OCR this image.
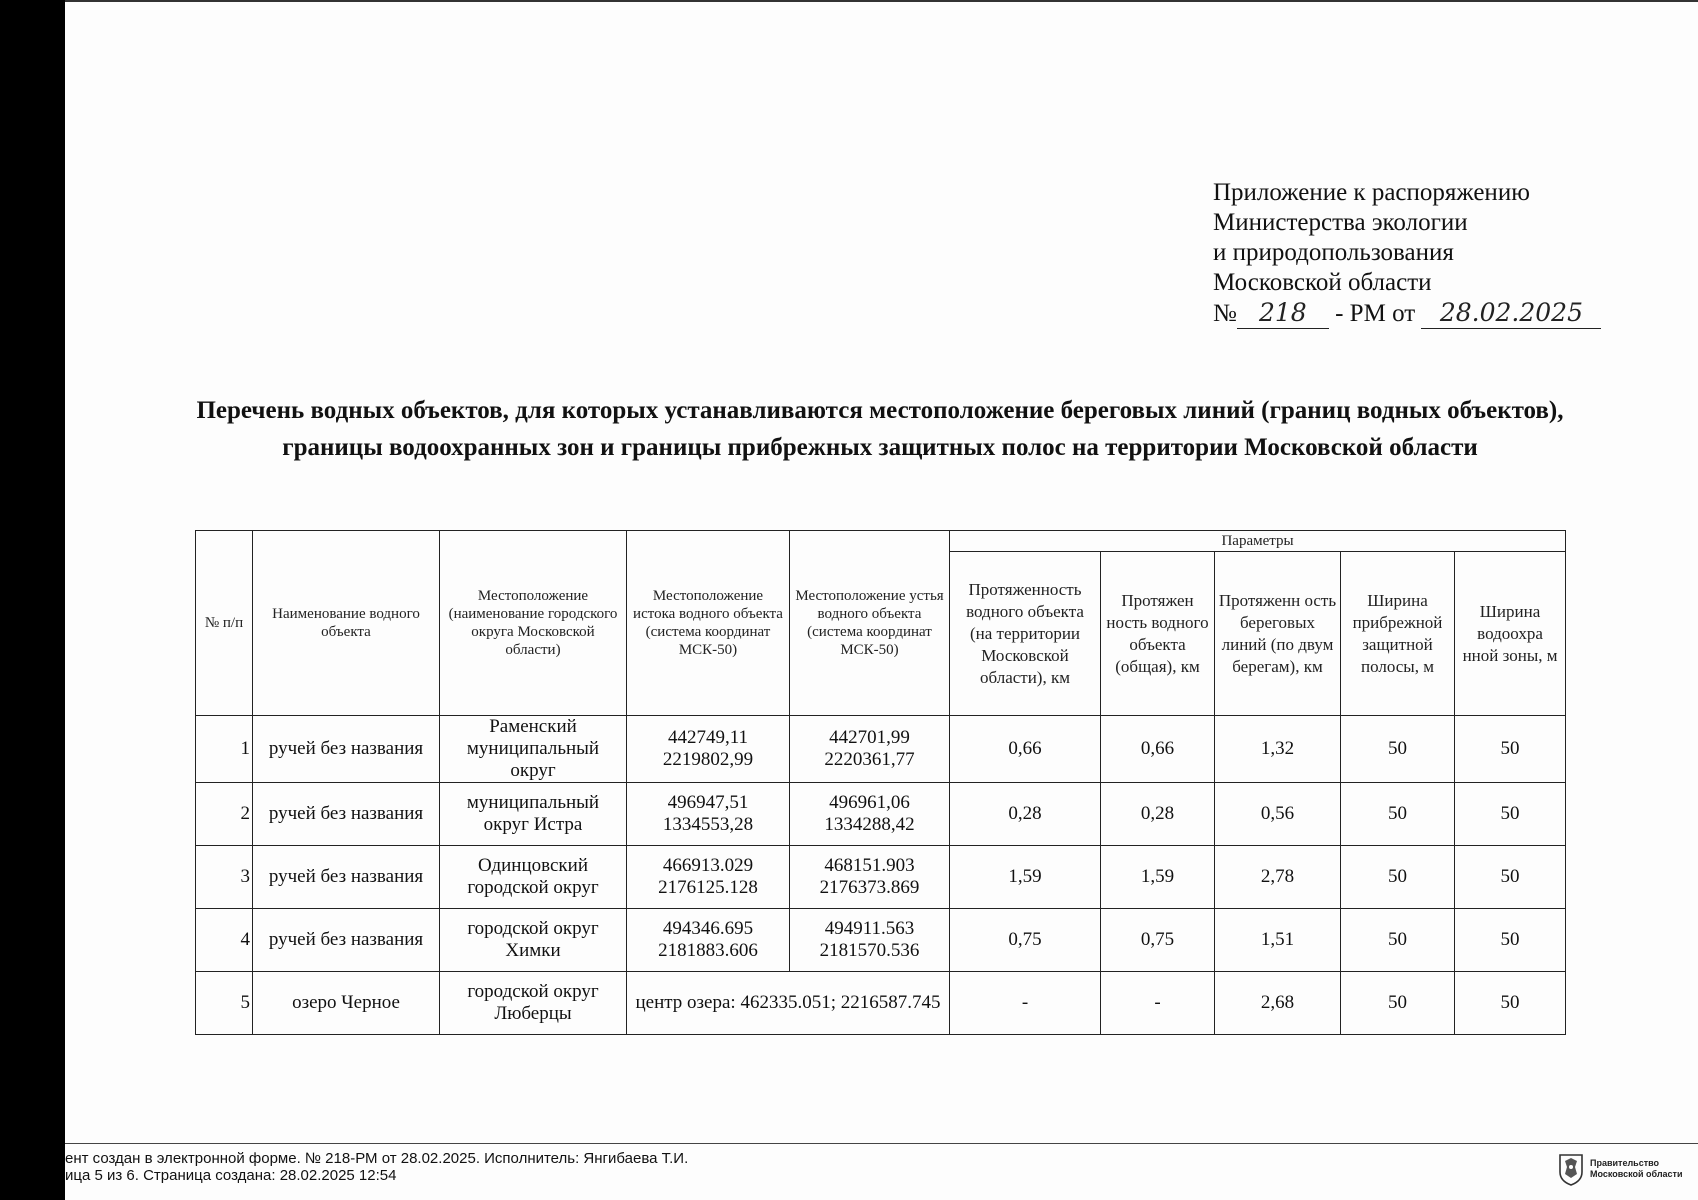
Приложение к распоряжению
Министерства экологии
и природопользования
Московской области
№ 218 - РМ от 28.02.2025
Перечень водных объектов, для которых устанавливаются местоположение береговых линий (границ водных объектов), границы водоохранных зон и границы прибрежных защитных полос на территории Московской области
№ п/п	Наименование водного объекта	Местоположение (наименование городского округа Московской области)	Местоположение истока водного объекта (система координат МСК-50)	Местоположение устья водного объекта (система координат МСК-50)	Параметры				
					Протяженность водного объекта (на территории Московской области), км	Протяжен ность водного объекта (общая), км	Протяженн ость береговых линий (по двум берегам), км	Ширина прибрежной защитной полосы, м	Ширина водоохра нной зоны, м
1	ручей без названия	Раменский муниципальный округ	442749,11 2219802,99	442701,99 2220361,77	0,66	0,66	1,32	50	50
2	ручей без названия	муниципальный округ Истра	496947,51 1334553,28	496961,06 1334288,42	0,28	0,28	0,56	50	50
3	ручей без названия	Одинцовский городской округ	466913.029 2176125.128	468151.903 2176373.869	1,59	1,59	2,78	50	50
4	ручей без названия	городской округ Химки	494346.695 2181883.606	494911.563 2181570.536	0,75	0,75	1,51	50	50
5	озеро Черное	городской округ Люберцы	центр озера: 462335.051; 2216587.745		-	-	2,68	50	50
ент создан в электронной форме. № 218-РМ от 28.02.2025. Исполнитель: Янгибаева Т.И.
ица 5 из 6. Страница создана: 28.02.2025 12:54
Правительство
Московской области
